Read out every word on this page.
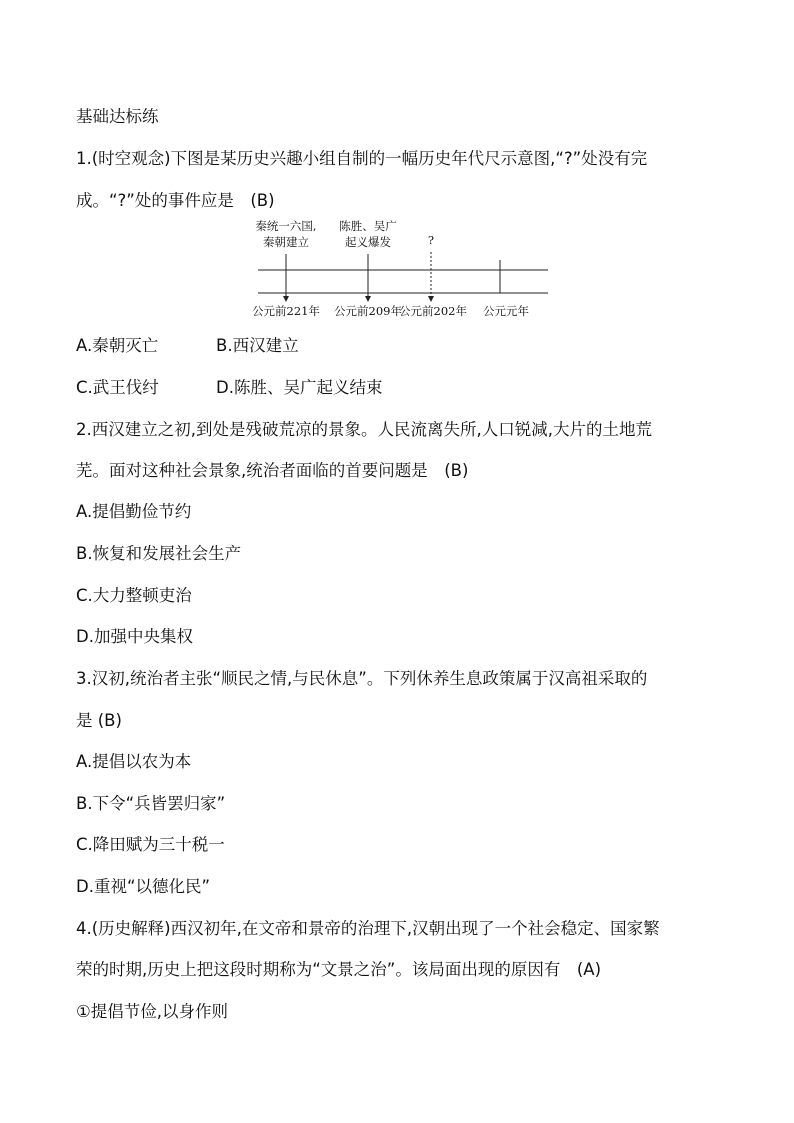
基础达标练
1.(时空观念)下图是某历史兴趣小组自制的一幅历史年代尺示意图,“?”处没有完
成。“?”处的事件应是　(B)
秦统一六国,
秦朝建立
陈胜、吴广
起义爆发	?
公元前221年 公元前209年
公元前202年 公元元年
A.秦朝灭亡	B.西汉建立
C.武王伐纣	D.陈胜、吴广起义结束
2.西汉建立之初,到处是残破荒凉的景象。人民流离失所,人口锐减,大片的土地荒
芜。面对这种社会景象,统治者面临的首要问题是　(B)
A.提倡勤俭节约
B.恢复和发展社会生产
C.大力整顿吏治
D.加强中央集权
3.汉初,统治者主张“顺民之情,与民休息”。下列休养生息政策属于汉高祖采取的
是 (B)
A.提倡以农为本
B.下令“兵皆罢归家”
C.降田赋为三十税一
D.重视“以德化民”
4.(历史解释)西汉初年,在文帝和景帝的治理下,汉朝出现了一个社会稳定、国家繁
荣的时期,历史上把这段时期称为“文景之治”。该局面出现的原因有　(A)
①提倡节俭,以身作则
